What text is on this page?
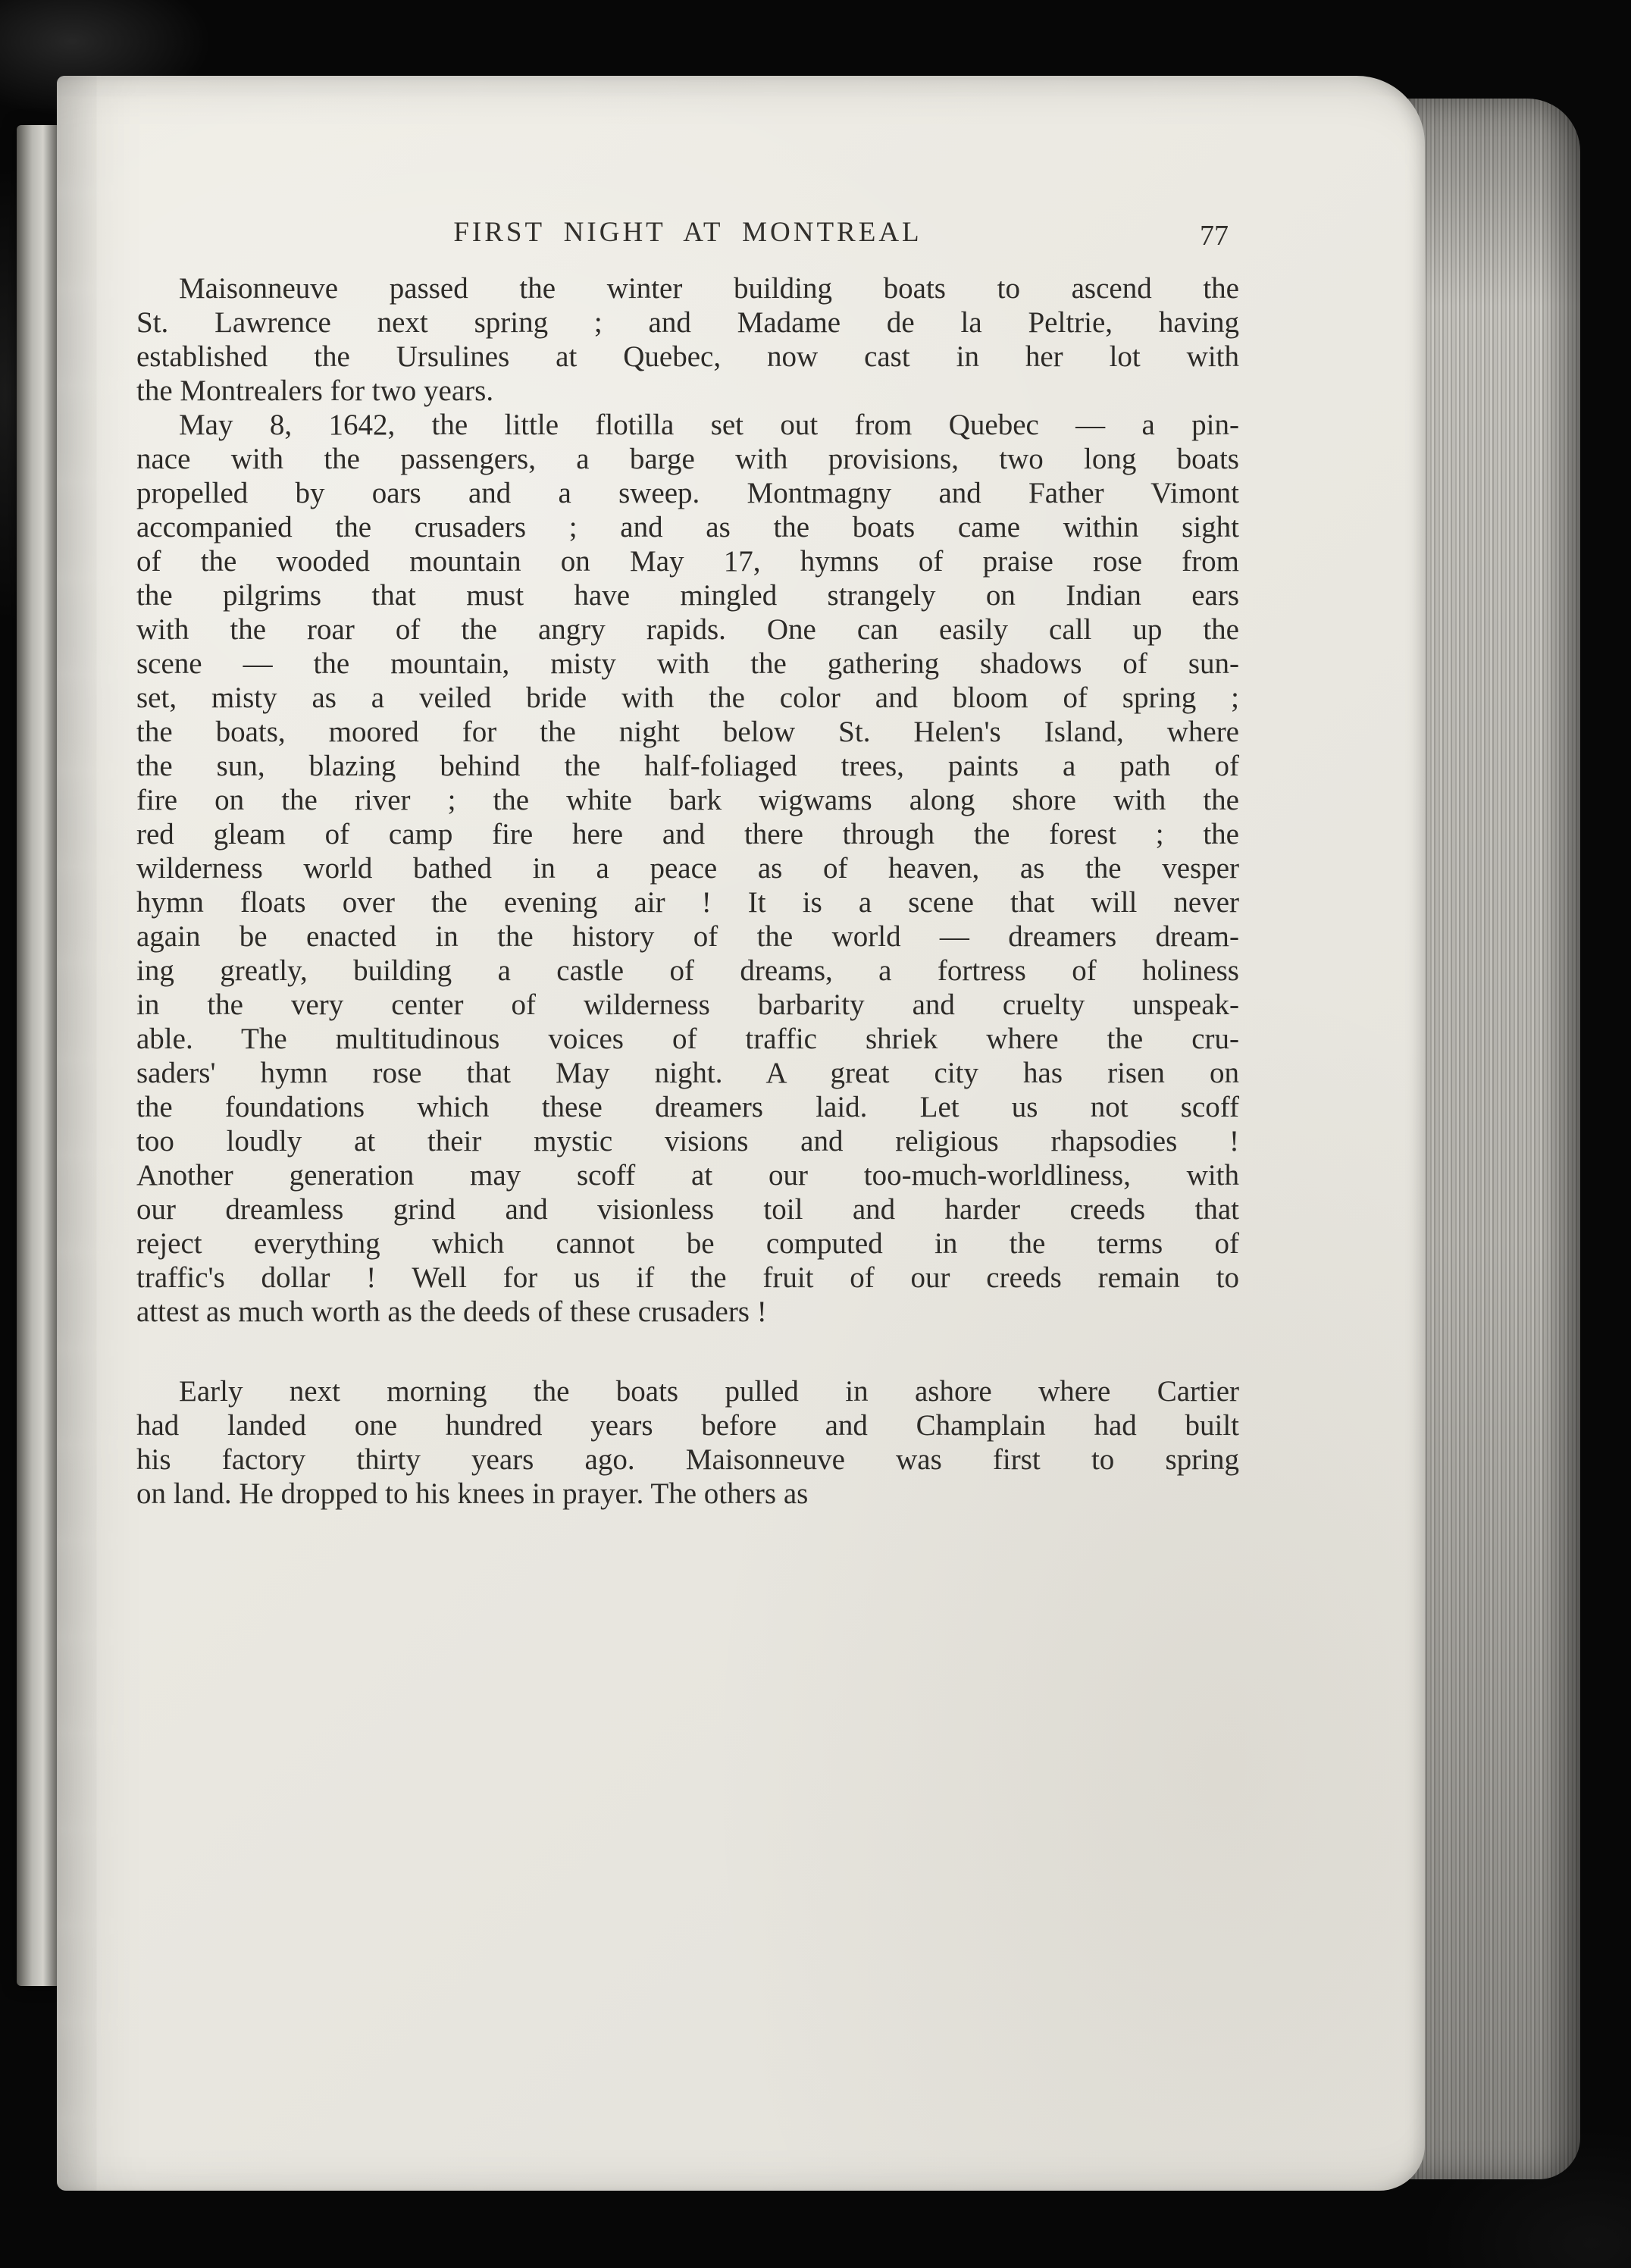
FIRST NIGHT AT MONTREAL	77
Maisonneuve passed the winter building boats to ascend the
St. Lawrence next spring ; and Madame de la Peltrie, having
established the Ursulines at Quebec, now cast in her lot with
the Montrealers for two years.
May 8, 1642, the little flotilla set out from Quebec — a pin-
nace with the passengers, a barge with provisions, two long boats
propelled by oars and a sweep. Montmagny and Father Vimont
accompanied the crusaders ; and as the boats came within sight
of the wooded mountain on May 17, hymns of praise rose from
the pilgrims that must have mingled strangely on Indian ears
with the roar of the angry rapids. One can easily call up the
scene — the mountain, misty with the gathering shadows of sun-
set, misty as a veiled bride with the color and bloom of spring ;
the boats, moored for the night below St. Helen's Island, where
the sun, blazing behind the half-foliaged trees, paints a path of
fire on the river ; the white bark wigwams along shore with the
red gleam of camp fire here and there through the forest ; the
wilderness world bathed in a peace as of heaven, as the vesper
hymn floats over the evening air ! It is a scene that will never
again be enacted in the history of the world — dreamers dream-
ing greatly, building a castle of dreams, a fortress of holiness
in the very center of wilderness barbarity and cruelty unspeak-
able. The multitudinous voices of traffic shriek where the cru-
saders' hymn rose that May night. A great city has risen on
the foundations which these dreamers laid. Let us not scoff
too loudly at their mystic visions and religious rhapsodies !
Another generation may scoff at our too-much-worldliness, with
our dreamless grind and visionless toil and harder creeds that
reject everything which cannot be computed in the terms of
traffic's dollar ! Well for us if the fruit of our creeds remain to
attest as much worth as the deeds of these crusaders !
Early next morning the boats pulled in ashore where Cartier
had landed one hundred years before and Champlain had built
his factory thirty years ago. Maisonneuve was first to spring
on land. He dropped to his knees in prayer. The others as
